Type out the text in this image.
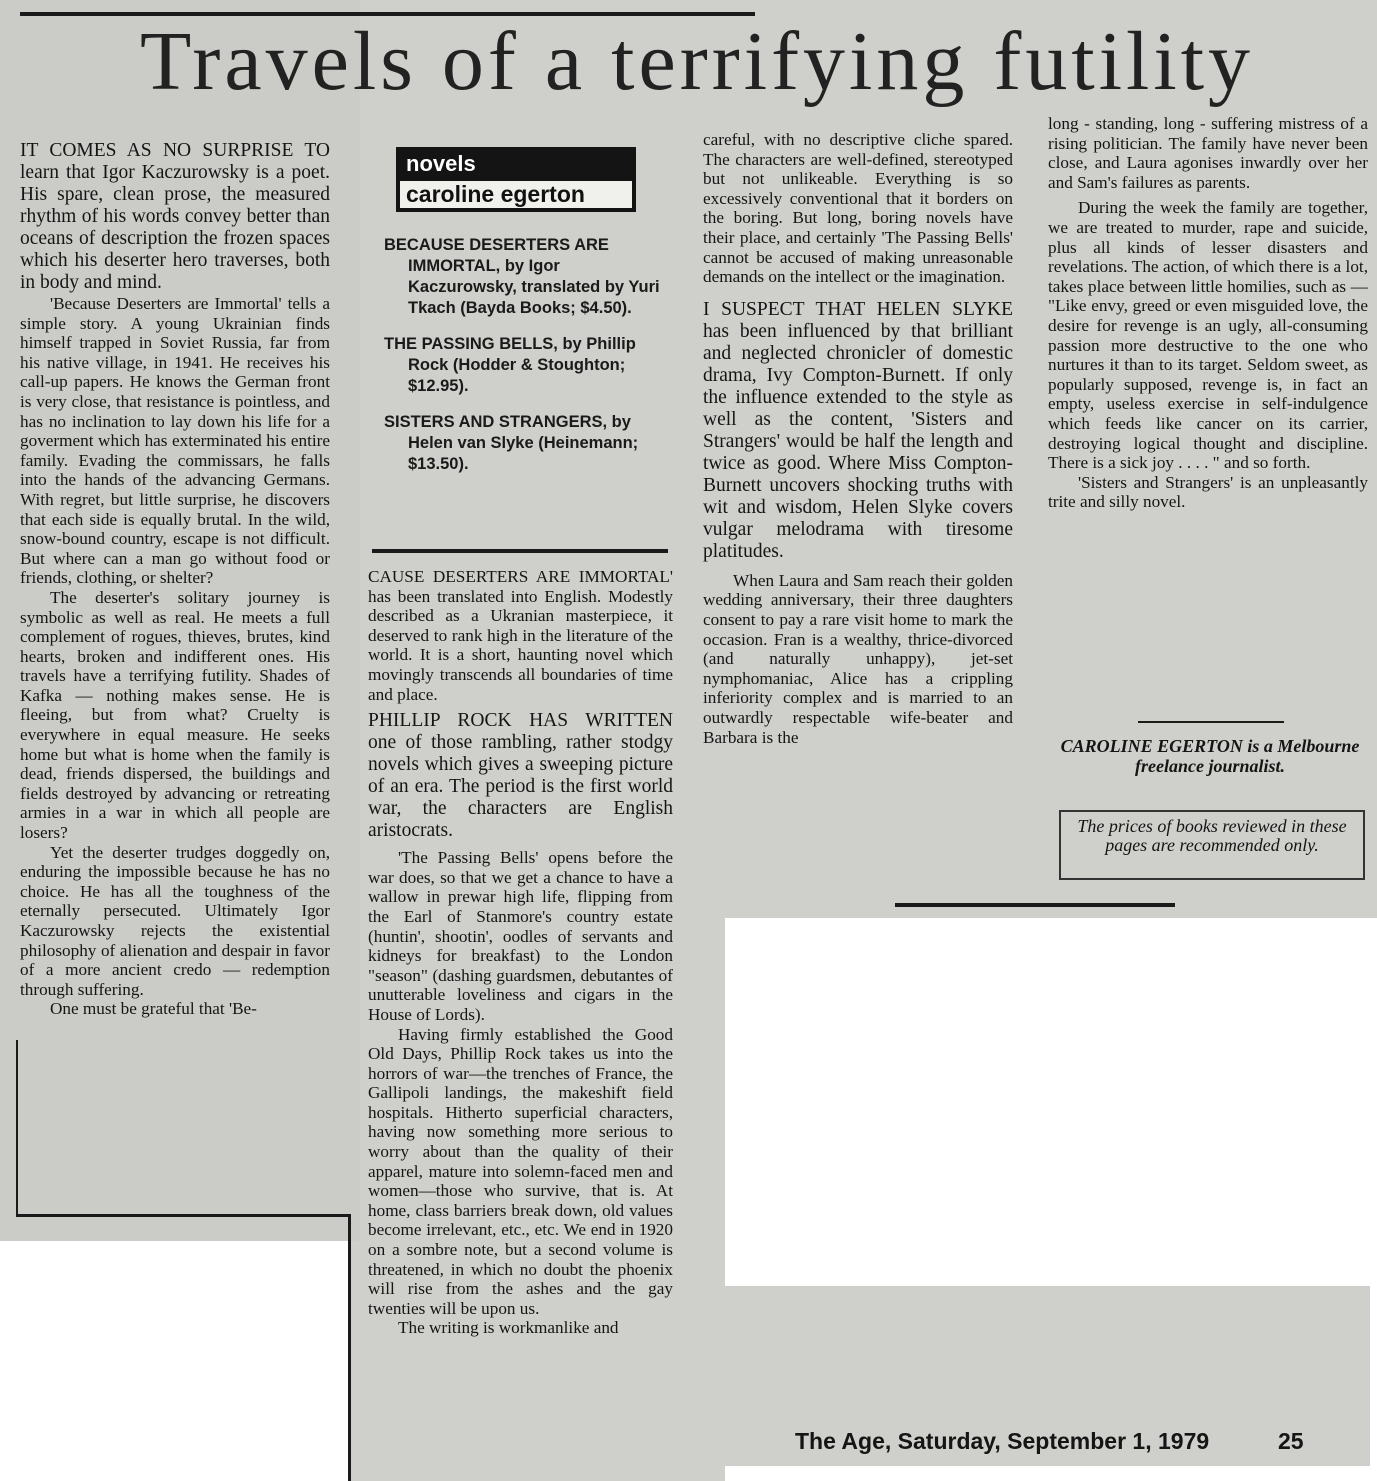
Travels of a terrifying futility

IT COMES AS NO SURPRISE TO learn that Igor Kaczurowsky is a poet. His spare, clean prose, the measured rhythm of his words convey better than oceans of description the frozen spaces which his deserter hero traverses, both in body and mind.

'Because Deserters are Immortal' tells a simple story. A young Ukrainian finds himself trapped in Soviet Russia, far from his native village, in 1941. He receives his call-up papers. He knows the German front is very close, that resistance is pointless, and has no inclination to lay down his life for a goverment which has exterminated his entire family. Evading the commissars, he falls into the hands of the advancing Germans. With regret, but little surprise, he discovers that each side is equally brutal. In the wild, snow-bound country, escape is not difficult. But where can a man go without food or friends, clothing, or shelter?

The deserter's solitary journey is symbolic as well as real. He meets a full complement of rogues, thieves, brutes, kind hearts, broken and indifferent ones. His travels have a terrifying futility. Shades of Kafka — nothing makes sense. He is fleeing, but from what? Cruelty is everywhere in equal measure. He seeks home but what is home when the family is dead, friends dispersed, the buildings and fields destroyed by advancing or retreating armies in a war in which all people are losers?

Yet the deserter trudges doggedly on, enduring the impossible because he has no choice. He has all the toughness of the eternally persecuted. Ultimately Igor Kaczurowsky rejects the existential philosophy of alienation and despair in favor of a more ancient credo — redemption through suffering.

One must be grateful that 'Be-

novels
caroline egerton

BECAUSE DESERTERS ARE IMMORTAL, by Igor Kaczurowsky, translated by Yuri Tkach (Bayda Books; $4.50).

THE PASSING BELLS, by Phillip Rock (Hodder & Stoughton; $12.95).

SISTERS AND STRANGERS, by Helen van Slyke (Heinemann; $13.50).

CAUSE DESERTERS ARE IMMORTAL' has been translated into English. Modestly described as a Ukranian masterpiece, it deserved to rank high in the literature of the world. It is a short, haunting novel which movingly transcends all boundaries of time and place.

PHILLIP ROCK HAS WRITTEN one of those rambling, rather stodgy novels which gives a sweeping picture of an era. The period is the first world war, the characters are English aristocrats.

'The Passing Bells' opens before the war does, so that we get a chance to have a wallow in prewar high life, flipping from the Earl of Stanmore's country estate (huntin', shootin', oodles of servants and kidneys for breakfast) to the London "season" (dashing guardsmen, debutantes of unutterable loveliness and cigars in the House of Lords).

Having firmly established the Good Old Days, Phillip Rock takes us into the horrors of war—the trenches of France, the Gallipoli landings, the makeshift field hospitals. Hitherto superficial characters, having now something more serious to worry about than the quality of their apparel, mature into solemn-faced men and women—those who survive, that is. At home, class barriers break down, old values become irrelevant, etc., etc. We end in 1920 on a sombre note, but a second volume is threatened, in which no doubt the phoenix will rise from the ashes and the gay twenties will be upon us.

The writing is workmanlike and

careful, with no descriptive cliche spared. The characters are well-defined, stereotyped but not unlikeable. Everything is so excessively conventional that it borders on the boring. But long, boring novels have their place, and certainly 'The Passing Bells' cannot be accused of making unreasonable demands on the intellect or the imagination.

I SUSPECT THAT HELEN SLYKE has been influenced by that brilliant and neglected chronicler of domestic drama, Ivy Compton-Burnett. If only the influence extended to the style as well as the content, 'Sisters and Strangers' would be half the length and twice as good. Where Miss Compton-Burnett uncovers shocking truths with wit and wisdom, Helen Slyke covers vulgar melodrama with tiresome platitudes.

When Laura and Sam reach their golden wedding anniversary, their three daughters consent to pay a rare visit home to mark the occasion. Fran is a wealthy, thrice-divorced (and naturally unhappy), jet-set nymphomaniac, Alice has a crippling inferiority complex and is married to an outwardly respectable wife-beater and Barbara is the

long - standing, long - suffering mistress of a rising politician. The family have never been close, and Laura agonises inwardly over her and Sam's failures as parents.

During the week the family are together, we are treated to murder, rape and suicide, plus all kinds of lesser disasters and revelations. The action, of which there is a lot, takes place between little homilies, such as — "Like envy, greed or even misguided love, the desire for revenge is an ugly, all-consuming passion more destructive to the one who nurtures it than to its target. Seldom sweet, as popularly supposed, revenge is, in fact an empty, useless exercise in self-indulgence which feeds like cancer on its carrier, destroying logical thought and discipline. There is a sick joy . . . . " and so forth.

'Sisters and Strangers' is an unpleasantly trite and silly novel.

CAROLINE EGERTON is a Melbourne freelance journalist.
The prices of books reviewed in these pages are recommended only.
The Age, Saturday, September 1, 1979	25
